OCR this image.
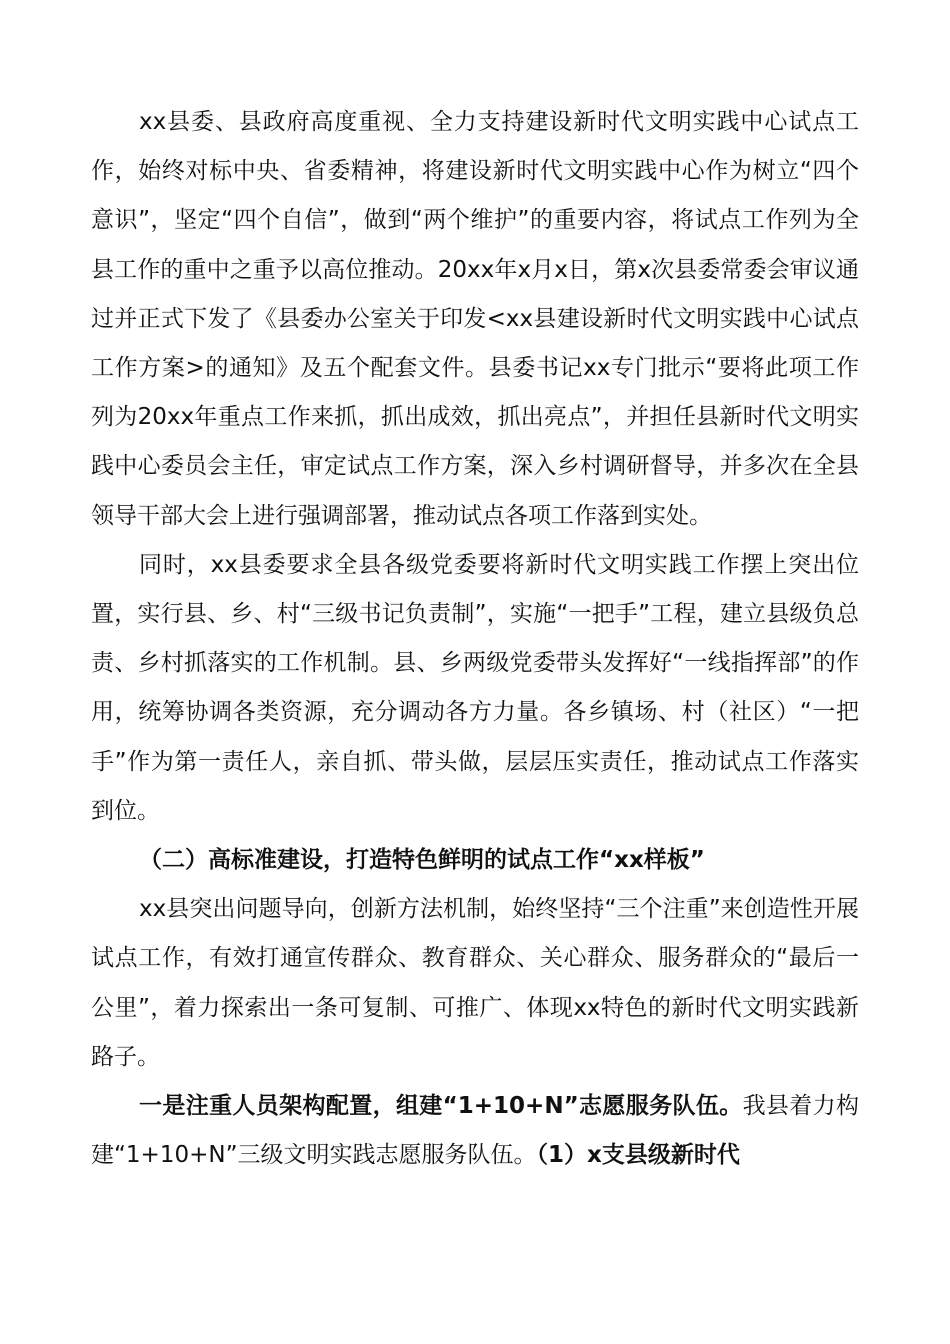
xx县委、县政府高度重视、全力支持建设新时代文明实践中心试点工作，始终对标中央、省委精神，将建设新时代文明实践中心作为树立“四个意识”，坚定“四个自信”，做到“两个维护”的重要内容，将试点工作列为全县工作的重中之重予以高位推动。20xx年x月x日，第x次县委常委会审议通过并正式下发了《县委办公室关于印发<xx县建设新时代文明实践中心试点工作方案>的通知》及五个配套文件。县委书记xx专门批示“要将此项工作列为20xx年重点工作来抓，抓出成效，抓出亮点”，并担任县新时代文明实践中心委员会主任，审定试点工作方案，深入乡村调研督导，并多次在全县领导干部大会上进行强调部署，推动试点各项工作落到实处。

同时，xx县委要求全县各级党委要将新时代文明实践工作摆上突出位置，实行县、乡、村“三级书记负责制”，实施“一把手”工程，建立县级负总责、乡村抓落实的工作机制。县、乡两级党委带头发挥好“一线指挥部”的作用，统筹协调各类资源，充分调动各方力量。各乡镇场、村（社区）“一把手”作为第一责任人，亲自抓、带头做，层层压实责任，推动试点工作落实到位。

（二）高标准建设，打造特色鲜明的试点工作“xx样板”

xx县突出问题导向，创新方法机制，始终坚持“三个注重”来创造性开展试点工作，有效打通宣传群众、教育群众、关心群众、服务群众的“最后一公里”，着力探索出一条可复制、可推广、体现xx特色的新时代文明实践新路子。

一是注重人员架构配置，组建“1+10+N”志愿服务队伍。我县着力构建“1+10+N”三级文明实践志愿服务队伍。（1）x支县级新时代
